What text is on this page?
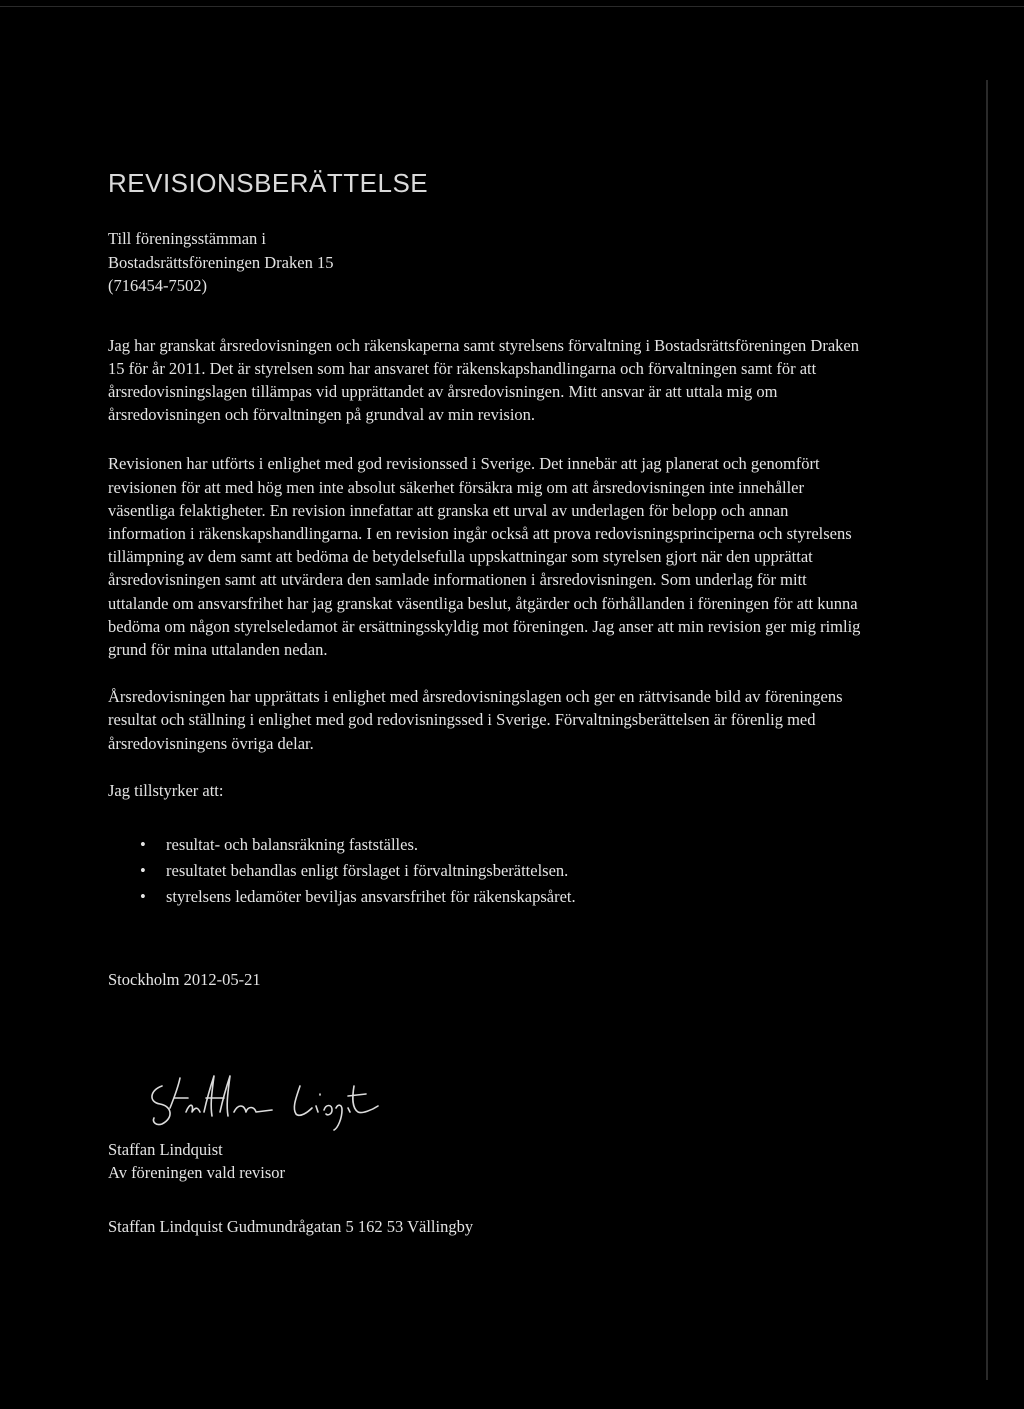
REVISIONSBERÄTTELSE
Till föreningsstämman i
Bostadsrättsföreningen Draken 15
(716454-7502)

Jag har granskat årsredovisningen och räkenskaperna samt styrelsens förvaltning i Bostadsrättsföreningen Draken 15 för år 2011. Det är styrelsen som har ansvaret för räkenskapshandlingarna och förvaltningen samt för att årsredovisningslagen tillämpas vid upprättandet av årsredovisningen. Mitt ansvar är att uttala mig om årsredovisningen och förvaltningen på grundval av min revision.

Revisionen har utförts i enlighet med god revisionssed i Sverige. Det innebär att jag planerat och genomfört revisionen för att med hög men inte absolut säkerhet försäkra mig om att årsredovisningen inte innehåller väsentliga felaktigheter. En revision innefattar att granska ett urval av underlagen för belopp och annan information i räkenskapshandlingarna. I en revision ingår också att prova redovisningsprinciperna och styrelsens tillämpning av dem samt att bedöma de betydelsefulla uppskattningar som styrelsen gjort när den upprättat årsredovisningen samt att utvärdera den samlade informationen i årsredovisningen. Som underlag för mitt uttalande om ansvarsfrihet har jag granskat väsentliga beslut, åtgärder och förhållanden i föreningen för att kunna bedöma om någon styrelseledamot är ersättningsskyldig mot föreningen. Jag anser att min revision ger mig rimlig grund för mina uttalanden nedan.

Årsredovisningen har upprättats i enlighet med årsredovisningslagen och ger en rättvisande bild av föreningens resultat och ställning i enlighet med god redovisningssed i Sverige. Förvaltningsberättelsen är förenlig med årsredovisningens övriga delar.

Jag tillstyrker att:

• resultat- och balansräkning fastställes.
• resultatet behandlas enligt förslaget i förvaltningsberättelsen.
• styrelsens ledamöter beviljas ansvarsfrihet för räkenskapsåret.
Stockholm 2012-05-21
Staffan Lindquist
Av föreningen vald revisor
Staffan Lindquist Gudmundrågatan 5 162 53 Vällingby
